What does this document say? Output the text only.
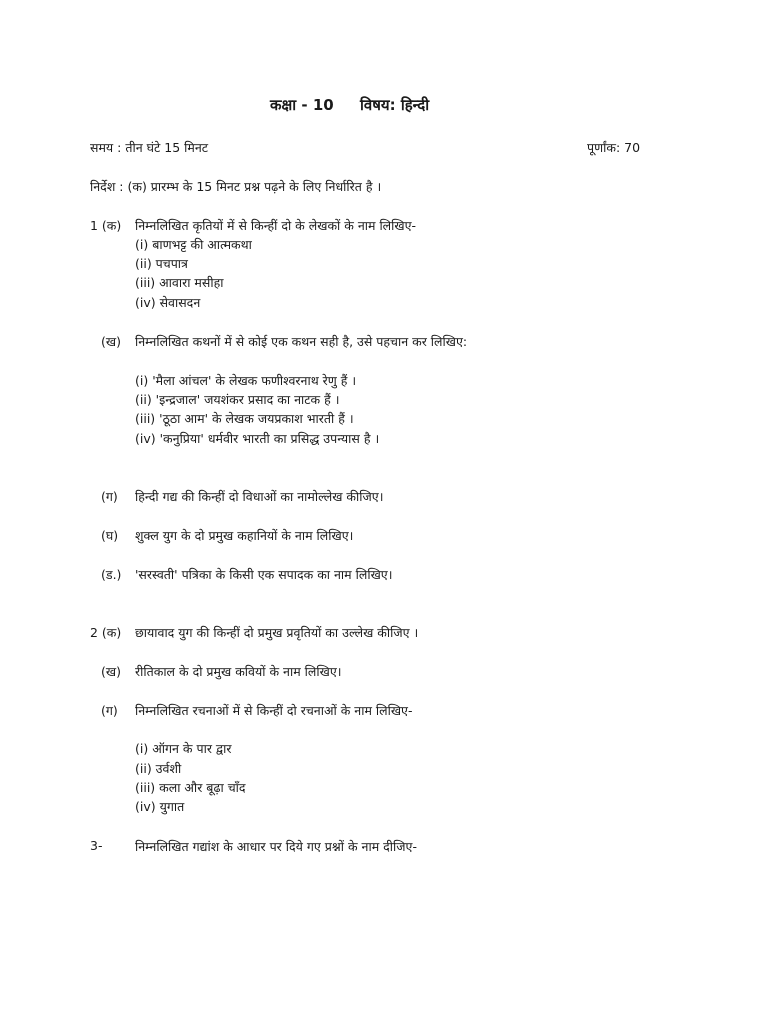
कक्षा - 10 विषय: हिन्दी
समय : तीन घंटे 15 मिनट	पूर्णांक: 70
निर्देश : (क) प्रारम्भ के 15 मिनट प्रश्न पढ़ने के लिए निर्धारित है ।
1 (क) निम्नलिखित कृतियों में से किन्हीं दो के लेखकों के नाम लिखिए-
(i) बाणभट्ट की आत्मकथा
(ii) पचपात्र
(iii) आवारा मसीहा
(iv) सेवासदन
(ख) निम्नलिखित कथनों में से कोई एक कथन सही है, उसे पहचान कर लिखिए:
(i) 'मैला आंचल' के लेखक फणीश्वरनाथ रेणु हैं ।
(ii) 'इन्द्रजाल' जयशंकर प्रसाद का नाटक हैं ।
(iii) 'ठूठा आम' के लेखक जयप्रकाश भारती हैं ।
(iv) 'कनुप्रिया' धर्मवीर भारती का प्रसिद्ध उपन्यास है ।
(ग) हिन्दी गद्य की किन्हीं दो विधाओं का नामोल्लेख कीजिए।
(घ) शुक्ल युग के दो प्रमुख कहानियों के नाम लिखिए।
(ड.) 'सरस्वती' पत्रिका के किसी एक सपादक का नाम लिखिए।
2 (क) छायावाद युग की किन्हीं दो प्रमुख प्रवृतियों का उल्लेख कीजिए ।
(ख) रीतिकाल के दो प्रमुख कवियों के नाम लिखिए।
(ग) निम्नलिखित रचनाओं में से किन्हीं दो रचनाओं के नाम लिखिए-
(i) ऑगन के पार द्वार
(ii) उर्वशी
(iii) कला और बूढ़ा चाँद
(iv) युगात
3-	निम्नलिखित गद्यांश के आधार पर दिये गए प्रश्नों के नाम दीजिए-
